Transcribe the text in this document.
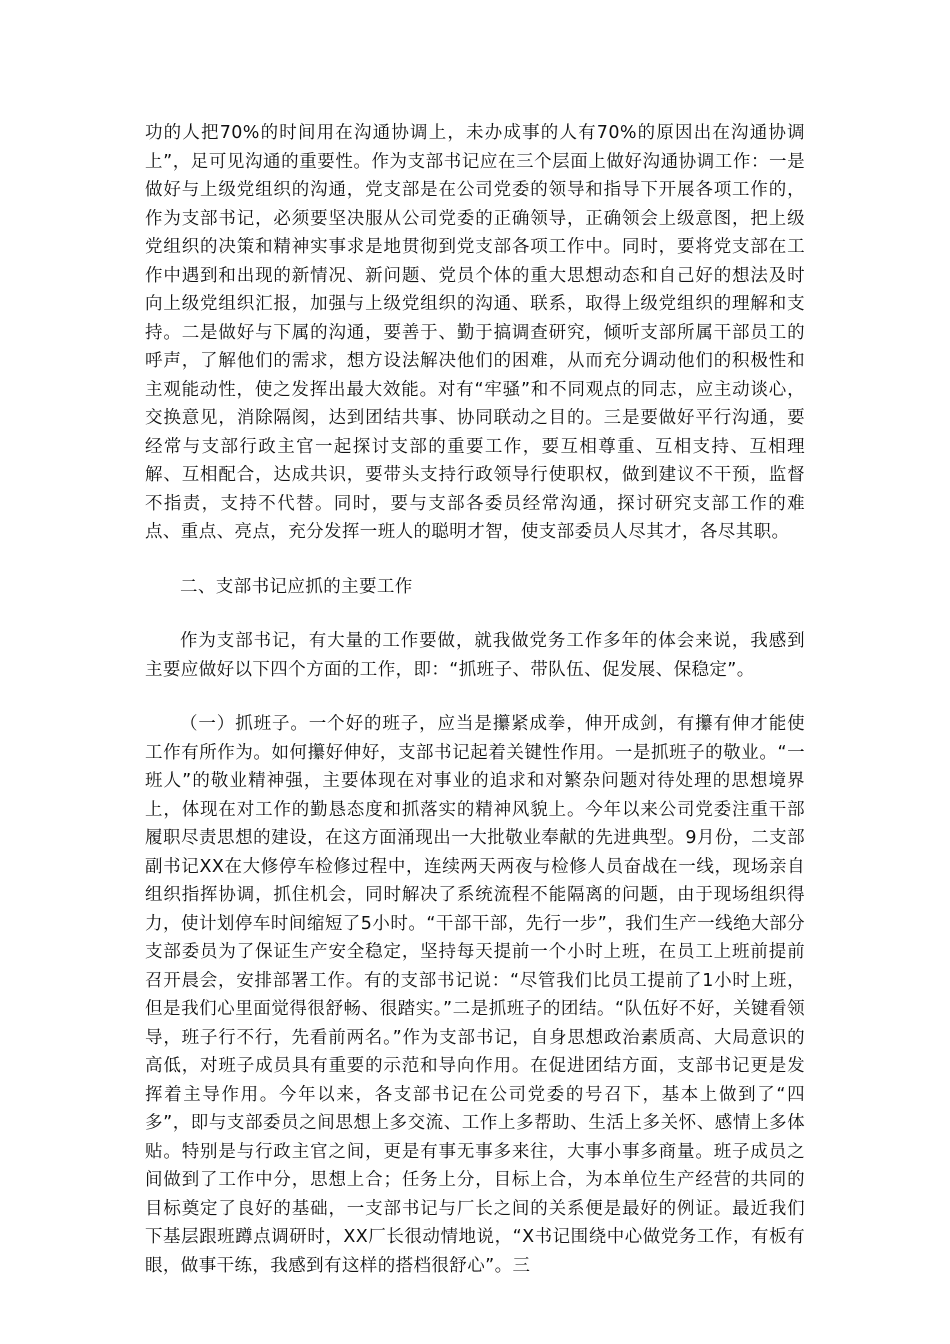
功的人把70%的时间用在沟通协调上，未办成事的人有70%的原因出在沟通协调上”，足可见沟通的重要性。作为支部书记应在三个层面上做好沟通协调工作：一是做好与上级党组织的沟通，党支部是在公司党委的领导和指导下开展各项工作的，作为支部书记，必须要坚决服从公司党委的正确领导，正确领会上级意图，把上级党组织的决策和精神实事求是地贯彻到党支部各项工作中。同时，要将党支部在工作中遇到和出现的新情况、新问题、党员个体的重大思想动态和自己好的想法及时向上级党组织汇报，加强与上级党组织的沟通、联系，取得上级党组织的理解和支持。二是做好与下属的沟通，要善于、勤于搞调查研究，倾听支部所属干部员工的呼声，了解他们的需求，想方设法解决他们的困难，从而充分调动他们的积极性和主观能动性，使之发挥出最大效能。对有“牢骚”和不同观点的同志，应主动谈心，交换意见，消除隔阂，达到团结共事、协同联动之目的。三是要做好平行沟通，要经常与支部行政主官一起探讨支部的重要工作，要互相尊重、互相支持、互相理解、互相配合，达成共识，要带头支持行政领导行使职权，做到建议不干预，监督不指责，支持不代替。同时，要与支部各委员经常沟通，探讨研究支部工作的难点、重点、亮点，充分发挥一班人的聪明才智，使支部委员人尽其才，各尽其职。

二、支部书记应抓的主要工作

作为支部书记，有大量的工作要做，就我做党务工作多年的体会来说，我感到主要应做好以下四个方面的工作，即：“抓班子、带队伍、促发展、保稳定”。

（一）抓班子。一个好的班子，应当是攥紧成拳，伸开成剑，有攥有伸才能使工作有所作为。如何攥好伸好，支部书记起着关键性作用。一是抓班子的敬业。“一班人”的敬业精神强，主要体现在对事业的追求和对繁杂问题对待处理的思想境界上，体现在对工作的勤恳态度和抓落实的精神风貌上。今年以来公司党委注重干部履职尽责思想的建设，在这方面涌现出一大批敬业奉献的先进典型。9月份，二支部副书记XX在大修停车检修过程中，连续两天两夜与检修人员奋战在一线，现场亲自组织指挥协调，抓住机会，同时解决了系统流程不能隔离的问题，由于现场组织得力，使计划停车时间缩短了5小时。“干部干部，先行一步”，我们生产一线绝大部分支部委员为了保证生产安全稳定，坚持每天提前一个小时上班，在员工上班前提前召开晨会，安排部署工作。有的支部书记说：“尽管我们比员工提前了1小时上班，但是我们心里面觉得很舒畅、很踏实。”二是抓班子的团结。“队伍好不好，关键看领导，班子行不行，先看前两名。”作为支部书记，自身思想政治素质高、大局意识的高低，对班子成员具有重要的示范和导向作用。在促进团结方面，支部书记更是发挥着主导作用。今年以来，各支部书记在公司党委的号召下，基本上做到了“四多”，即与支部委员之间思想上多交流、工作上多帮助、生活上多关怀、感情上多体贴。特别是与行政主官之间，更是有事无事多来往，大事小事多商量。班子成员之间做到了工作中分，思想上合；任务上分，目标上合，为本单位生产经营的共同的目标奠定了良好的基础，一支部书记与厂长之间的关系便是最好的例证。最近我们下基层跟班蹲点调研时，XX厂长很动情地说，“X书记围绕中心做党务工作，有板有眼，做事干练，我感到有这样的搭档很舒心”。三
